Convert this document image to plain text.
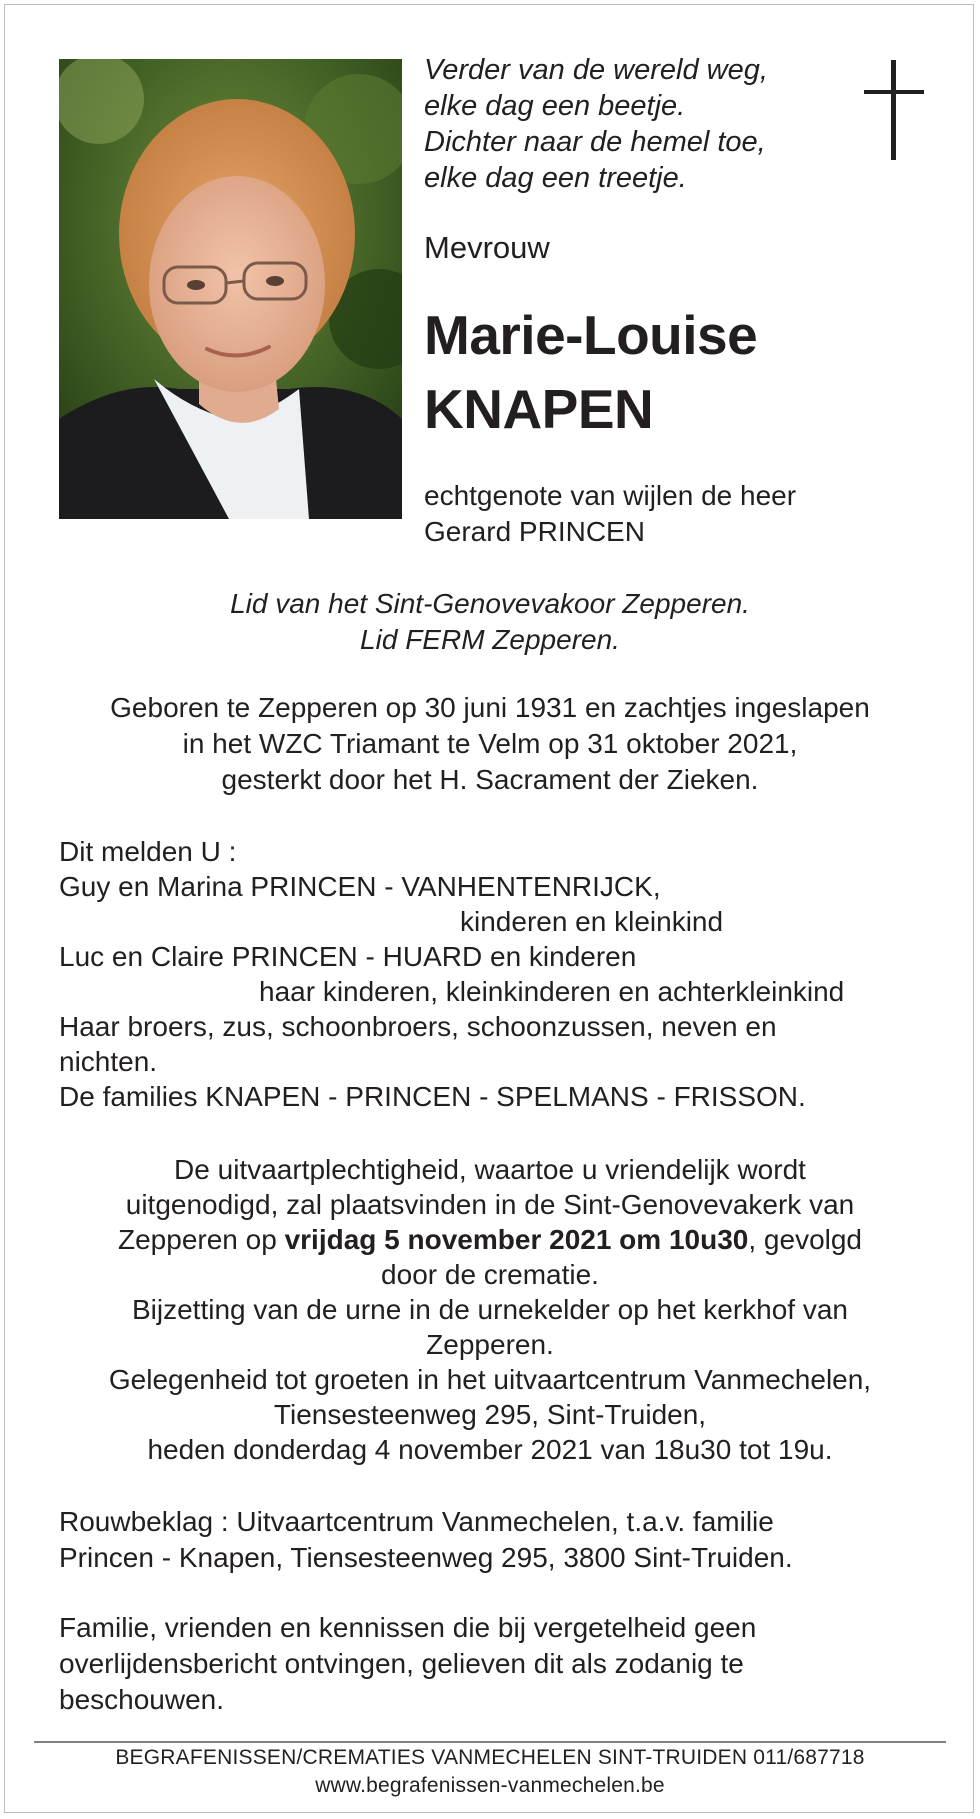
Verder van de wereld weg,
elke dag een beetje.
Dichter naar de hemel toe,
elke dag een treetje.
Mevrouw
Marie-Louise
KNAPEN
echtgenote van wijlen de heer
Gerard PRINCEN
Lid van het Sint-Genovevakoor Zepperen.
Lid FERM Zepperen.
Geboren te Zepperen op 30 juni 1931 en zachtjes ingeslapen
in het WZC Triamant te Velm op 31 oktober 2021,
gesterkt door het H. Sacrament der Zieken.
Dit melden U :
Guy en Marina PRINCEN - VANHENTENRIJCK,
kinderen en kleinkind
Luc en Claire PRINCEN - HUARD en kinderen
haar kinderen, kleinkinderen en achterkleinkind
Haar broers, zus, schoonbroers, schoonzussen, neven en
nichten.
De families KNAPEN - PRINCEN - SPELMANS - FRISSON.
De uitvaartplechtigheid, waartoe u vriendelijk wordt
uitgenodigd, zal plaatsvinden in de Sint-Genovevakerk van
Zepperen op vrijdag 5 november 2021 om 10u30, gevolgd
door de crematie.
Bijzetting van de urne in de urnekelder op het kerkhof van
Zepperen.
Gelegenheid tot groeten in het uitvaartcentrum Vanmechelen,
Tiensesteenweg 295, Sint-Truiden,
heden donderdag 4 november 2021 van 18u30 tot 19u.
Rouwbeklag : Uitvaartcentrum Vanmechelen, t.a.v. familie
Princen - Knapen, Tiensesteenweg 295, 3800 Sint-Truiden.
Familie, vrienden en kennissen die bij vergetelheid geen
overlijdensbericht ontvingen, gelieven dit als zodanig te
beschouwen.
BEGRAFENISSEN/CREMATIES VANMECHELEN SINT-TRUIDEN 011/687718
www.begrafenissen-vanmechelen.be
